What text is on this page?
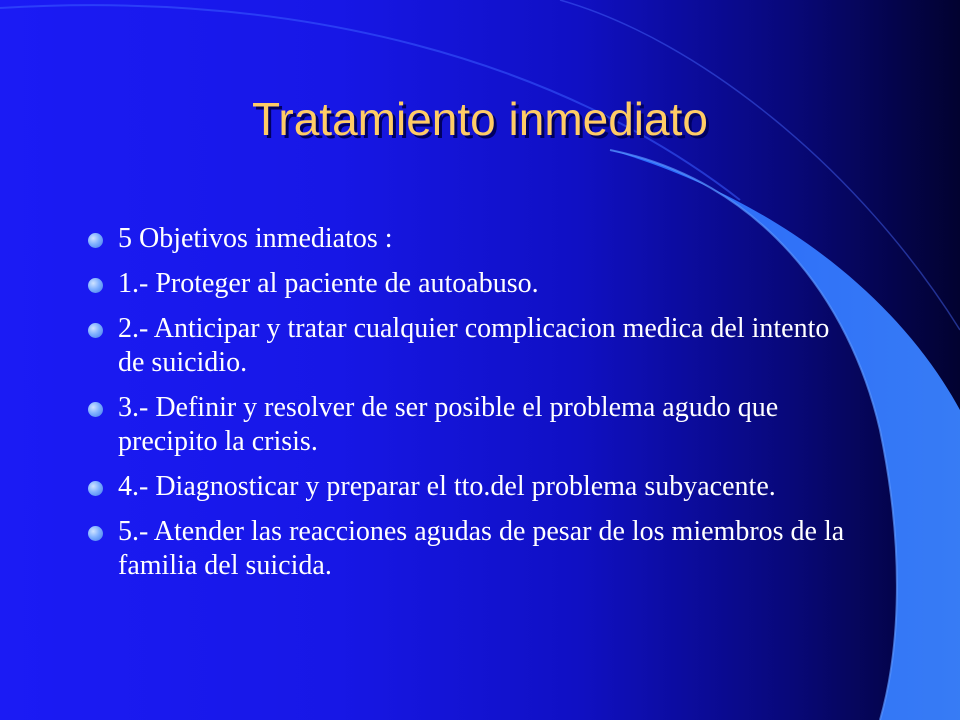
Tratamiento inmediato
5 Objetivos inmediatos :
1.- Proteger al paciente de autoabuso.
2.- Anticipar y tratar cualquier complicacion medica del intento de suicidio.
3.- Definir y resolver de ser posible el problema agudo que precipito la crisis.
4.- Diagnosticar y preparar el tto.del problema subyacente.
5.- Atender las reacciones agudas de pesar de los miembros de la familia del suicida.
